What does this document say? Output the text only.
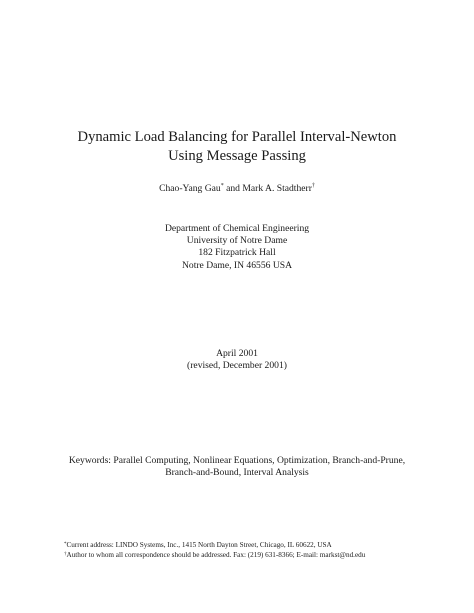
Dynamic Load Balancing for Parallel Interval-Newton
Using Message Passing
Chao-Yang Gau* and Mark A. Stadtherr†
Department of Chemical Engineering
University of Notre Dame
182 Fitzpatrick Hall
Notre Dame, IN 46556 USA
April 2001
(revised, December 2001)
Keywords: Parallel Computing, Nonlinear Equations, Optimization, Branch-and-Prune,
Branch-and-Bound, Interval Analysis
*Current address: LINDO Systems, Inc., 1415 North Dayton Street, Chicago, IL 60622, USA
†Author to whom all correspondence should be addressed. Fax: (219) 631-8366; E-mail: markst@nd.edu
